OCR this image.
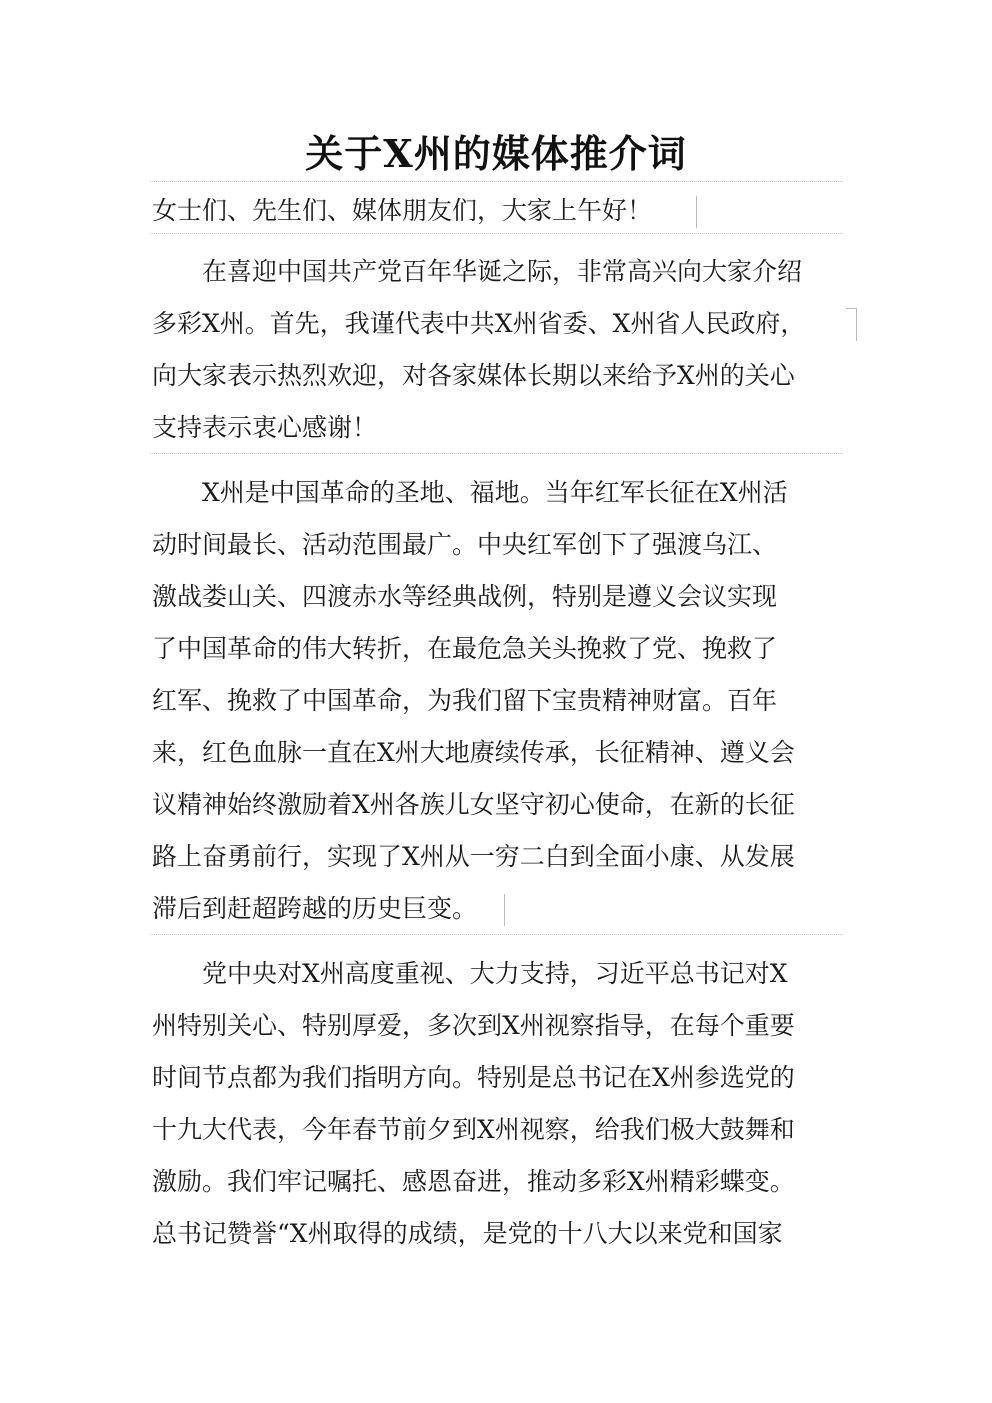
关于X州的媒体推介词
女士们、先生们、媒体朋友们，大家上午好！

　　在喜迎中国共产党百年华诞之际，非常高兴向大家介绍
多彩X州。首先，我谨代表中共X州省委、X州省人民政府，
向大家表示热烈欢迎，对各家媒体长期以来给予X州的关心
支持表示衷心感谢！

　　X州是中国革命的圣地、福地。当年红军长征在X州活
动时间最长、活动范围最广。中央红军创下了强渡乌江、
激战娄山关、四渡赤水等经典战例，特别是遵义会议实现
了中国革命的伟大转折，在最危急关头挽救了党、挽救了
红军、挽救了中国革命，为我们留下宝贵精神财富。百年
来，红色血脉一直在X州大地赓续传承，长征精神、遵义会
议精神始终激励着X州各族儿女坚守初心使命，在新的长征
路上奋勇前行，实现了X州从一穷二白到全面小康、从发展
滞后到赶超跨越的历史巨变。

　　党中央对X州高度重视、大力支持，习近平总书记对X
州特别关心、特别厚爱，多次到X州视察指导，在每个重要
时间节点都为我们指明方向。特别是总书记在X州参选党的
十九大代表，今年春节前夕到X州视察，给我们极大鼓舞和
激励。我们牢记嘱托、感恩奋进，推动多彩X州精彩蝶变。
总书记赞誉“X州取得的成绩，是党的十八大以来党和国家
